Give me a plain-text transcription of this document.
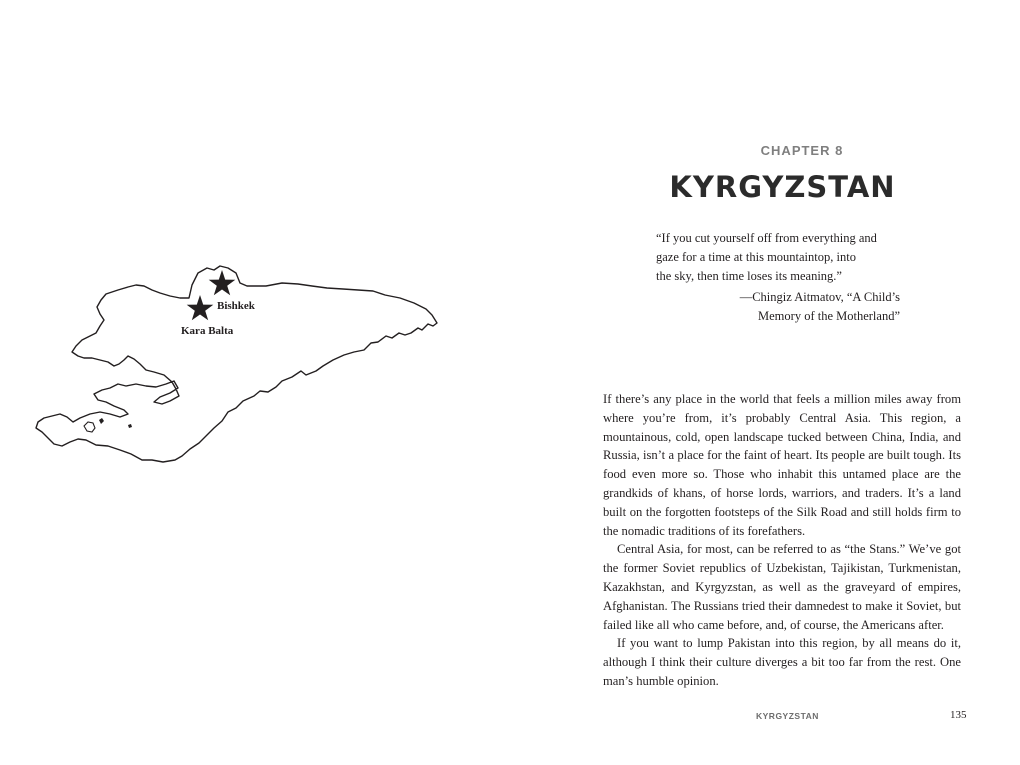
Bishkek
Kara Balta
CHAPTER 8
KYRGYZSTAN

“If you cut yourself off from everything and
gaze for a time at this mountaintop, into
the sky, then time loses its meaning.”

—Chingiz Aitmatov, “A Child’s
Memory of the Motherland”

If there’s any place in the world that feels a million miles away from where you’re from, it’s probably Central Asia. This region, a mountainous, cold, open landscape tucked between China, India, and Russia, isn’t a place for the faint of heart. Its people are built tough. Its food even more so. Those who inhabit this untamed place are the grandkids of khans, of horse lords, warriors, and traders. It’s a land built on the forgotten footsteps of the Silk Road and still holds firm to the nomadic traditions of its forefathers.

Central Asia, for most, can be referred to as “the Stans.” We’ve got the former Soviet republics of Uzbekistan, Tajikistan, Turkmenistan, Kazakhstan, and Kyrgyzstan, as well as the graveyard of empires, Afghanistan. The Russians tried their damnedest to make it Soviet, but failed like all who came before, and, of course, the Americans after.

If you want to lump Pakistan into this region, by all means do it, although I think their culture diverges a bit too far from the rest. One man’s humble opinion.

KYRGYZSTAN	135
